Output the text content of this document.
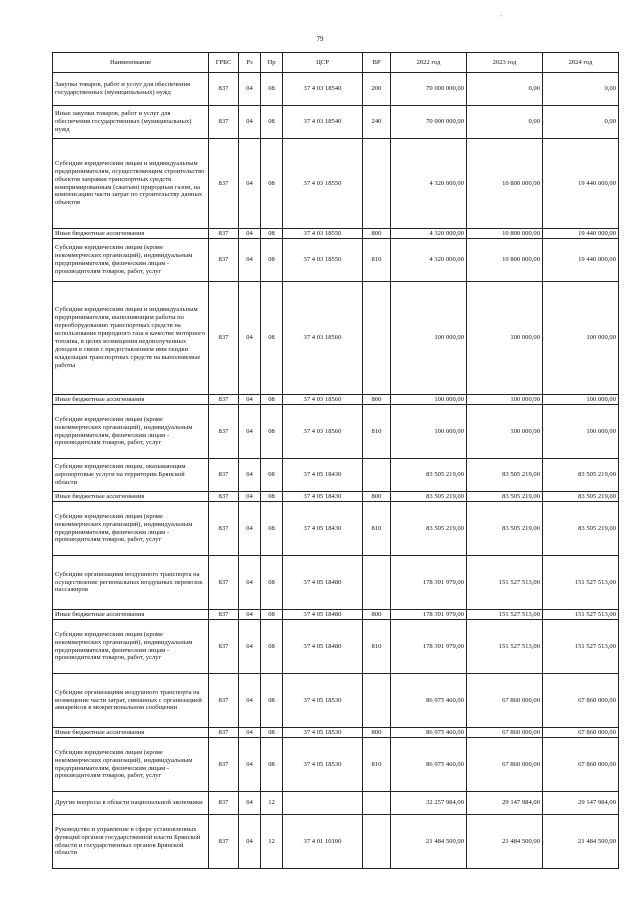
’
79
Наименование	ГРБС	Рз	Пр	ЦСР	ВР	2022 год	2023 год	2024 год
Закупка товаров, работ и услуг для обеспечения государственных (муниципальных) нужд	837	04	08	37 4 03 18540	200	70 000 000,00	0,00	0,00
Иные закупки товаров, работ и услуг для обеспечения государственных (муниципальных) нужд	837	04	08	37 4 03 18540	240	70 000 000,00	0,00	0,00
Субсидии юридическим лицам и индивидуальным предпринимателям, осуществляющим строительство объектов заправки транспортных средств компримированным (сжатым) природным газом, на компенсацию части затрат по строительству данных объектов	837	04	08	37 4 03 18550		4 320 000,00	10 800 000,00	19 440 000,00
Иные бюджетные ассигнования	837	04	08	37 4 03 18550	800	4 320 000,00	10 800 000,00	19 440 000,00
Субсидии юридическим лицам (кроме некоммерческих организаций), индивидуальным предпринимателям, физическим лицам - производителям товаров, работ, услуг	837	04	08	37 4 03 18550	810	4 320 000,00	10 800 000,00	19 440 000,00
Субсидии юридическим лицам и индивидуальным предпринимателям, выполняющим работы по переоборудованию транспортных средств на использование природного газа в качестве моторного топлива, в целях возмещения недополученных доходов в связи с предоставлением ими скидки владельцам транспортных средств на выполняемые работы	837	04	08	37 4 03 18560		100 000,00	100 000,00	100 000,00
Иные бюджетные ассигнования	837	04	08	37 4 03 18560	800	100 000,00	100 000,00	100 000,00
Субсидии юридическим лицам (кроме некоммерческих организаций), индивидуальным предпринимателям, физическим лицам - производителям товаров, работ, услуг	837	04	08	37 4 03 18560	810	100 000,00	100 000,00	100 000,00
Субсидии юридическим лицам, оказывающим аэропортовые услуги на территории Брянской области	837	04	08	37 4 05 18430		83 505 219,00	83 505 219,00	83 505 219,00
Иные бюджетные ассигнования	837	04	08	37 4 05 18430	800	83 505 219,00	83 505 219,00	83 505 219,00
Субсидии юридическим лицам (кроме некоммерческих организаций), индивидуальным предпринимателям, физическим лицам - производителям товаров, работ, услуг	837	04	08	37 4 05 18430	810	83 505 219,00	83 505 219,00	83 505 219,00
Субсидии организациям воздушного транспорта на осуществление региональных воздушных перевозок пассажиров	837	04	08	37 4 05 18480		178 391 979,00	151 527 513,00	151 527 513,00
Иные бюджетные ассигнования	837	04	08	37 4 05 18480	800	178 391 979,00	151 527 513,00	151 527 513,00
Субсидии юридическим лицам (кроме некоммерческих организаций), индивидуальным предпринимателям, физическим лицам - производителям товаров, работ, услуг	837	04	08	37 4 05 18480	810	178 391 979,00	151 527 513,00	151 527 513,00
Субсидии организациям воздушного транспорта на возмещение части затрат, связанных с организацией авиарейсов в межрегиональном сообщении	837	04	08	37 4 05 18530		86 975 460,00	67 860 000,00	67 860 000,00
Иные бюджетные ассигнования	837	04	08	37 4 05 18530	800	86 975 460,00	67 860 000,00	67 860 000,00
Субсидии юридическим лицам (кроме некоммерческих организаций), индивидуальным предпринимателям, физическим лицам - производителям товаров, работ, услуг	837	04	08	37 4 05 18530	810	86 975 460,00	67 860 000,00	67 860 000,00
Другие вопросы в области национальной экономики	837	04	12			32 257 984,00	29 147 984,00	29 147 984,00
Руководство и управление в сфере установленных функций органов государственной власти Брянской области и государственных органов Брянской области	837	04	12	37 4 01 10100		21 484 500,00	21 484 500,00	21 484 500,00
